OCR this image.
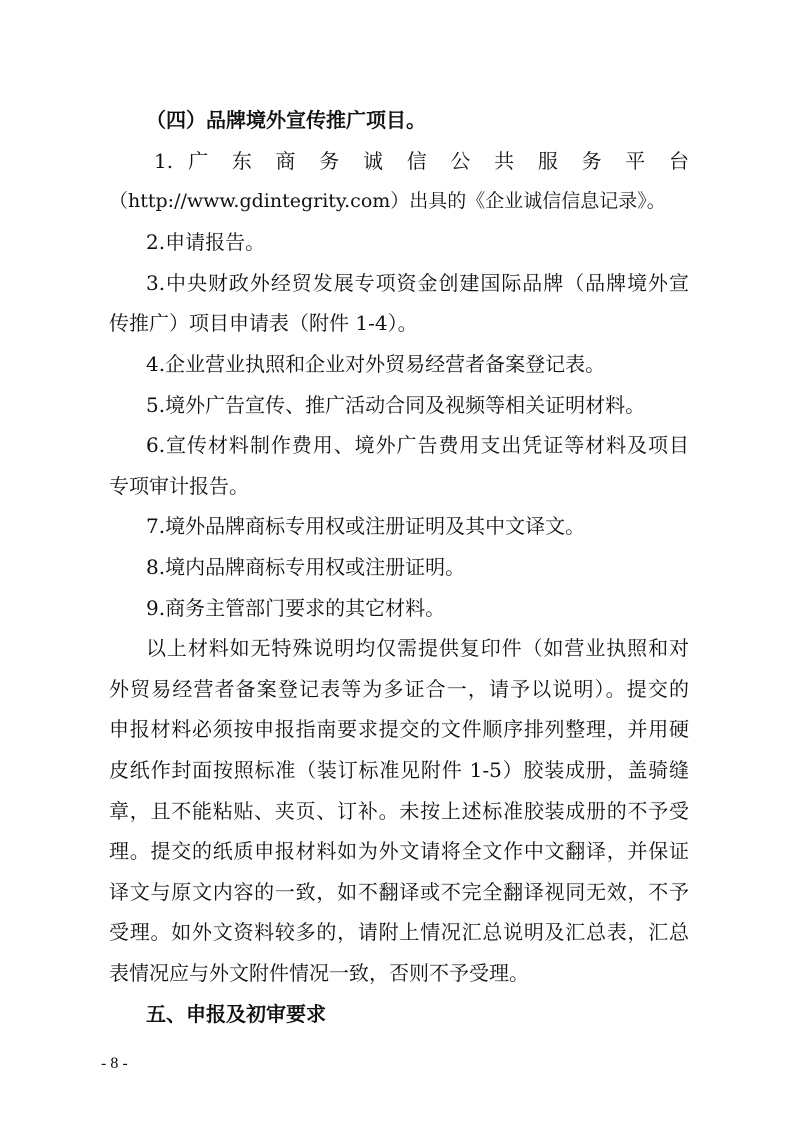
（四）品牌境外宣传推广项目。
1. 广 东 商 务 诚 信 公 共 服 务 平 台
（http://www.gdintegrity.com）出具的《企业诚信信息记录》。
2.申请报告。
3.中央财政外经贸发展专项资金创建国际品牌（品牌境外宣
传推广）项目申请表（附件 1-4）。
4.企业营业执照和企业对外贸易经营者备案登记表。
5.境外广告宣传、推广活动合同及视频等相关证明材料。
6.宣传材料制作费用、境外广告费用支出凭证等材料及项目
专项审计报告。
7.境外品牌商标专用权或注册证明及其中文译文。
8.境内品牌商标专用权或注册证明。
9.商务主管部门要求的其它材料。
以上材料如无特殊说明均仅需提供复印件（如营业执照和对
外贸易经营者备案登记表等为多证合一，请予以说明）。提交的
申报材料必须按申报指南要求提交的文件顺序排列整理，并用硬
皮纸作封面按照标准（装订标准见附件 1-5）胶装成册，盖骑缝
章，且不能粘贴、夹页、订补。未按上述标准胶装成册的不予受
理。提交的纸质申报材料如为外文请将全文作中文翻译，并保证
译文与原文内容的一致，如不翻译或不完全翻译视同无效，不予
受理。如外文资料较多的，请附上情况汇总说明及汇总表，汇总
表情况应与外文附件情况一致，否则不予受理。
五、申报及初审要求
- 8 -
